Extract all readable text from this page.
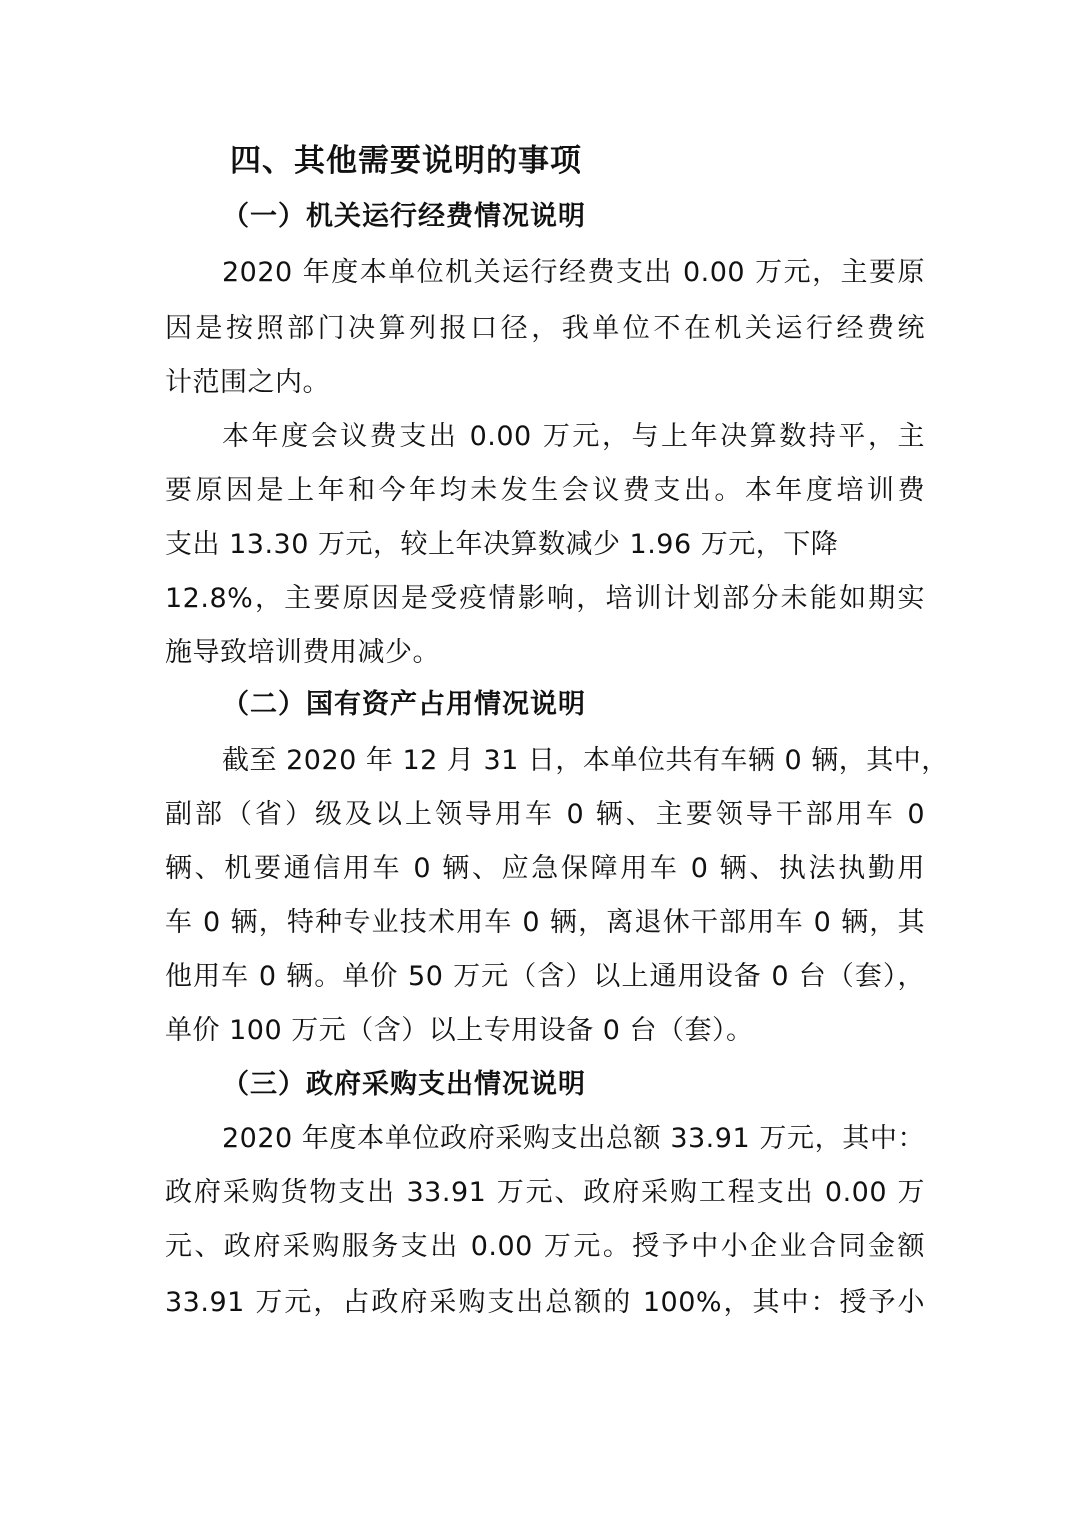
四、其他需要说明的事项
（一）机关运行经费情况说明
2020 年度本单位机关运行经费支出 0.00 万元，主要原
因是按照部门决算列报口径，我单位不在机关运行经费统
计范围之内。
本年度会议费支出 0.00 万元，与上年决算数持平，主
要原因是上年和今年均未发生会议费支出。本年度培训费
支出 13.30 万元，较上年决算数减少 1.96 万元，下降
12.8%，主要原因是受疫情影响，培训计划部分未能如期实
施导致培训费用减少。
（二）国有资产占用情况说明
截至 2020 年 12 月 31 日，本单位共有车辆 0 辆，其中，
副部（省）级及以上领导用车 0 辆、主要领导干部用车 0
辆、机要通信用车 0 辆、应急保障用车 0 辆、执法执勤用
车 0 辆，特种专业技术用车 0 辆，离退休干部用车 0 辆，其
他用车 0 辆。单价 50 万元（含）以上通用设备 0 台（套），
单价 100 万元（含）以上专用设备 0 台（套）。
（三）政府采购支出情况说明
2020 年度本单位政府采购支出总额 33.91 万元，其中：
政府采购货物支出 33.91 万元、政府采购工程支出 0.00 万
元、政府采购服务支出 0.00 万元。授予中小企业合同金额
33.91 万元，占政府采购支出总额的 100%，其中：授予小
